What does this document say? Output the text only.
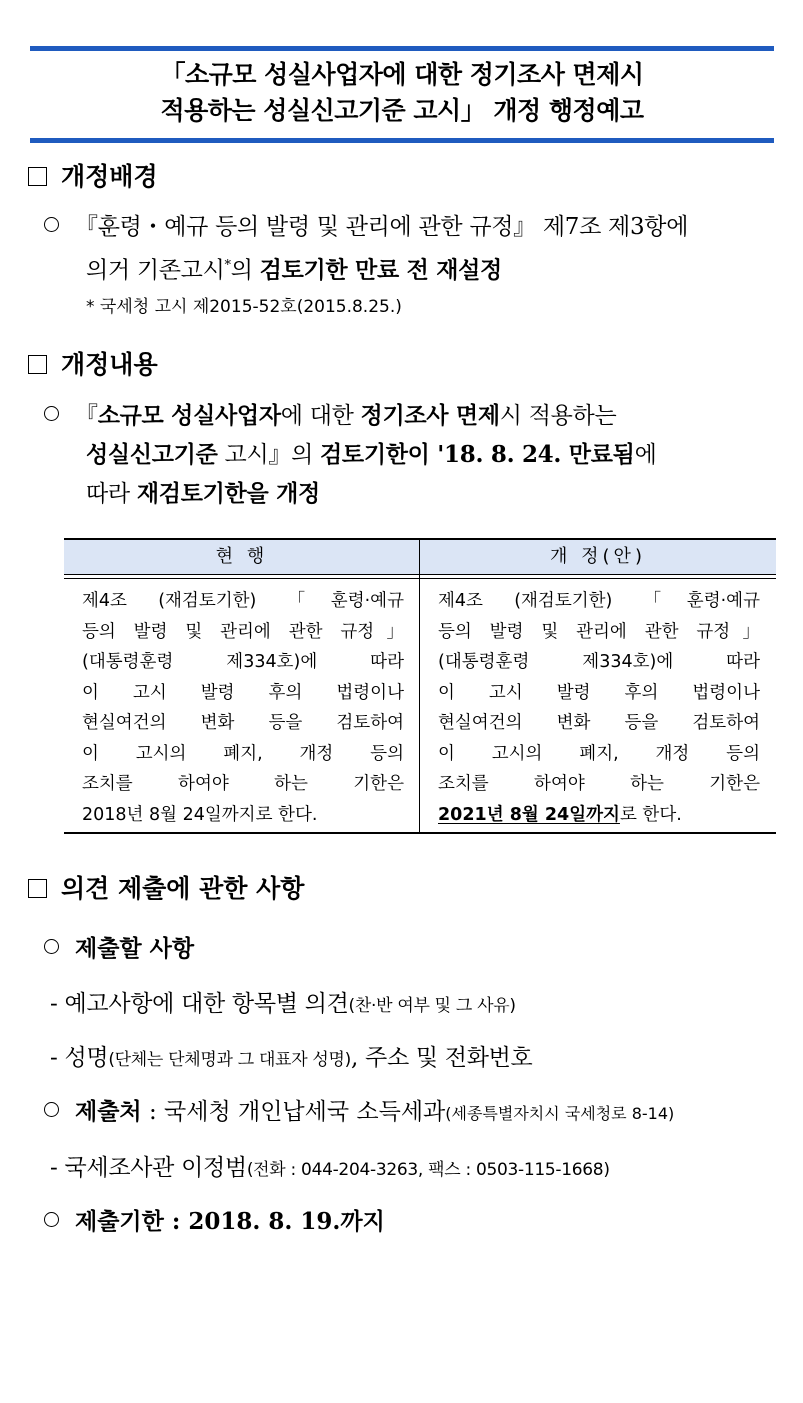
「소규모 성실사업자에 대한 정기조사 면제시
적용하는 성실신고기준 고시」 개정 행정예고
개정배경
『훈령・예규 등의 발령 및 관리에 관한 규정』 제7조 제3항에
의거 기존고시*의 검토기한 만료 전 재설정
* 국세청 고시 제2015-52호(2015.8.25.)
개정내용
『소규모 성실사업자에 대한 정기조사 면제시 적용하는
성실신고기준 고시』의 검토기한이 '18. 8. 24. 만료됨에
따라 재검토기한을 개정
현 행	개 정(안)
제4조 (재검토기한) 「훈령·예규
등의 발령 및 관리에 관한 규정」
(대통령훈령 제334호)에 따라
이 고시 발령 후의 법령이나
현실여건의 변화 등을 검토하여
이 고시의 폐지, 개정 등의
조치를 하여야 하는 기한은
2018년 8월 24일까지로 한다.
제4조 (재검토기한) 「훈령·예규
등의 발령 및 관리에 관한 규정」
(대통령훈령 제334호)에 따라
이 고시 발령 후의 법령이나
현실여건의 변화 등을 검토하여
이 고시의 폐지, 개정 등의
조치를 하여야 하는 기한은
2021년 8월 24일까지로 한다.
의견 제출에 관한 사항
제출할 사항
- 예고사항에 대한 항목별 의견(찬·반 여부 및 그 사유)
- 성명(단체는 단체명과 그 대표자 성명), 주소 및 전화번호
제출처 : 국세청 개인납세국 소득세과(세종특별자치시 국세청로 8-14)
- 국세조사관 이정범(전화 : 044-204-3263, 팩스 : 0503-115-1668)
제출기한 : 2018. 8. 19.까지
